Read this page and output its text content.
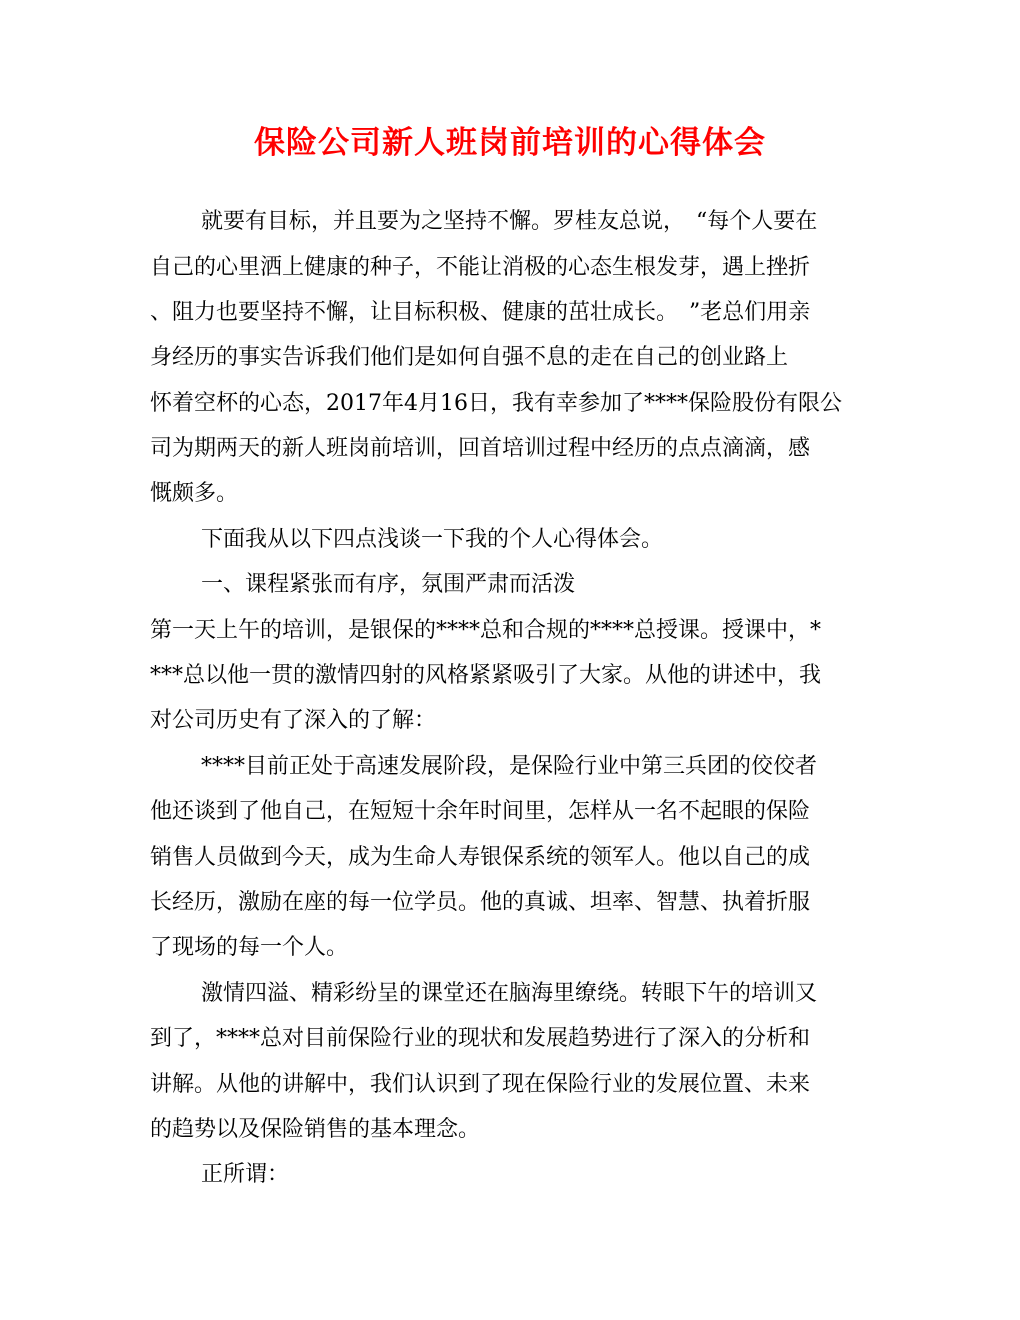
保险公司新人班岗前培训的心得体会

就要有目标，并且要为之坚持不懈。罗桂友总说，　“每个人要在

自己的心里洒上健康的种子，不能让消极的心态生根发芽，遇上挫折

、阻力也要坚持不懈，让目标积极、健康的茁壮成长。　”老总们用亲

身经历的事实告诉我们他们是如何自强不息的走在自己的创业路上

怀着空杯的心态，2017年4月16日，我有幸参加了****保险股份有限公

司为期两天的新人班岗前培训，回首培训过程中经历的点点滴滴，感

慨颇多。

下面我从以下四点浅谈一下我的个人心得体会。

一、课程紧张而有序，氛围严肃而活泼

第一天上午的培训，是银保的****总和合规的****总授课。授课中，*

***总以他一贯的激情四射的风格紧紧吸引了大家。从他的讲述中，我

对公司历史有了深入的了解：

****目前正处于高速发展阶段，是保险行业中第三兵团的佼佼者

他还谈到了他自己，在短短十余年时间里，怎样从一名不起眼的保险

销售人员做到今天，成为生命人寿银保系统的领军人。他以自己的成

长经历，激励在座的每一位学员。他的真诚、坦率、智慧、执着折服

了现场的每一个人。

激情四溢、精彩纷呈的课堂还在脑海里缭绕。转眼下午的培训又

到了，****总对目前保险行业的现状和发展趋势进行了深入的分析和

讲解。从他的讲解中，我们认识到了现在保险行业的发展位置、未来

的趋势以及保险销售的基本理念。

正所谓：
